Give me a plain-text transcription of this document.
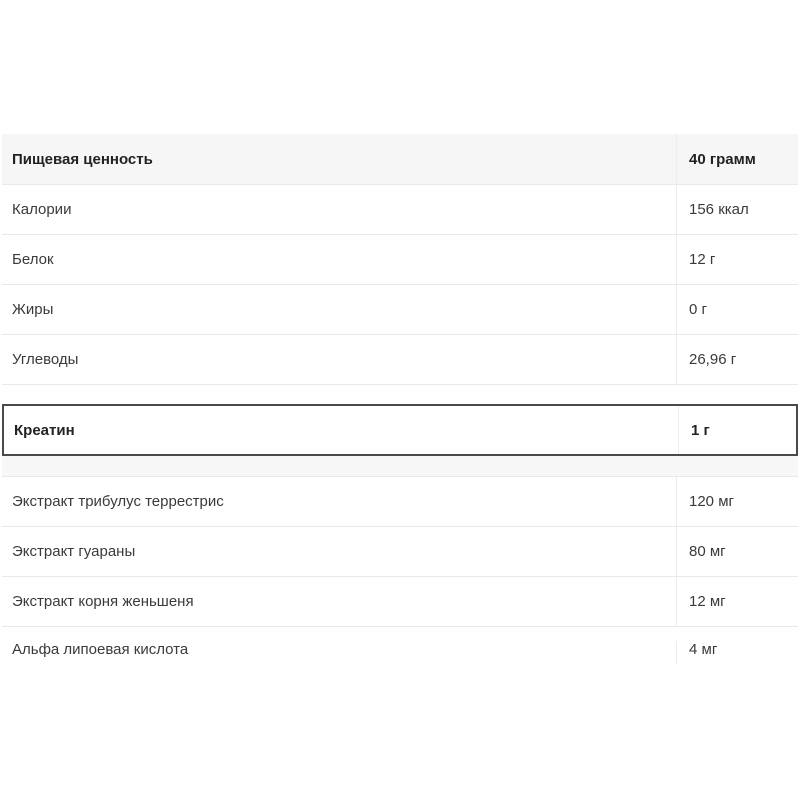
Пищевая ценность	40 грамм
Калории	156 ккал
Белок	12 г
Жиры	0 г
Углеводы	26,96 г
Креатин	1 г
Экстракт трибулус террестрис	120 мг
Экстракт гуараны	80 мг
Экстракт корня женьшеня	12 мг
Альфа липоевая кислота	4 мг
